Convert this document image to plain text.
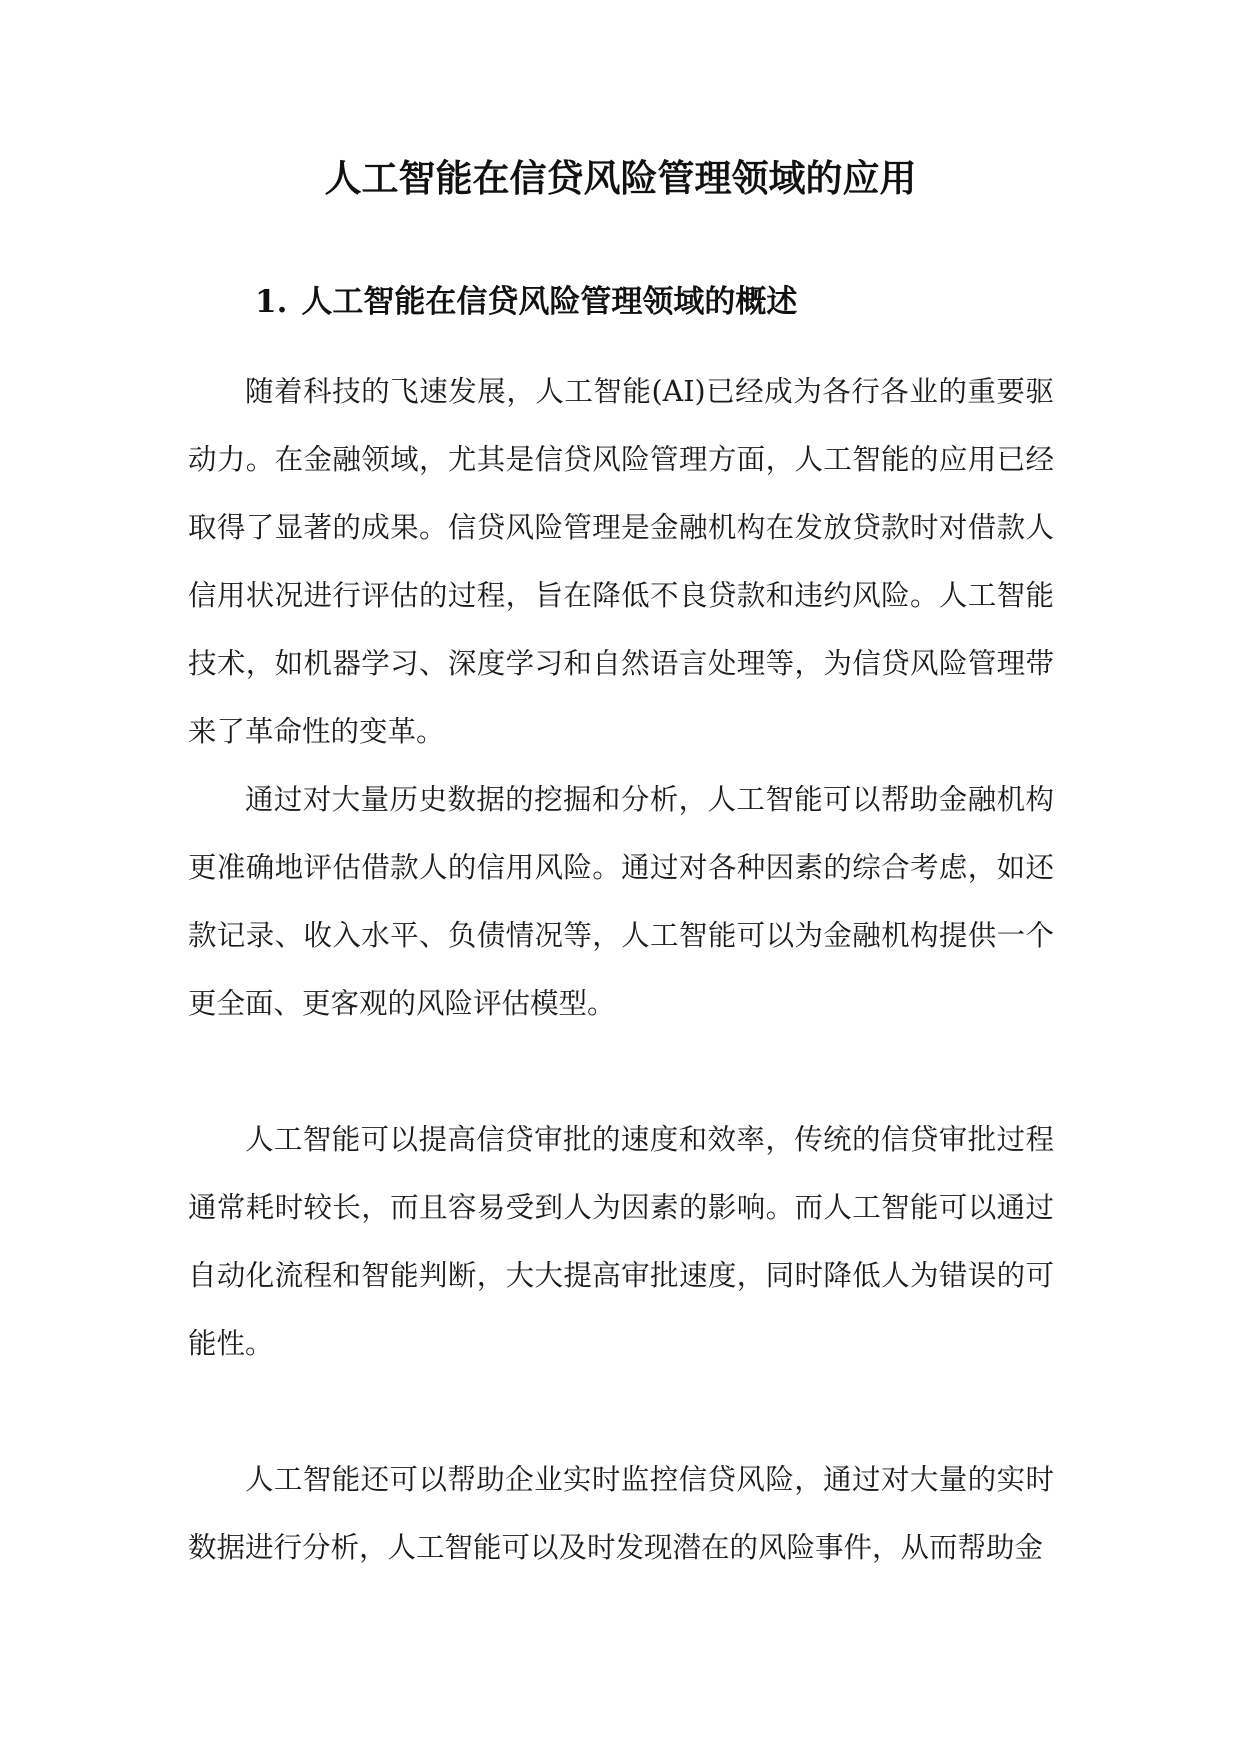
人工智能在信贷风险管理领域的应用
1. 人工智能在信贷风险管理领域的概述

随着科技的飞速发展，人工智能(AI)已经成为各行各业的重要驱动力。在金融领域，尤其是信贷风险管理方面，人工智能的应用已经取得了显著的成果。信贷风险管理是金融机构在发放贷款时对借款人信用状况进行评估的过程，旨在降低不良贷款和违约风险。人工智能技术，如机器学习、深度学习和自然语言处理等，为信贷风险管理带来了革命性的变革。

通过对大量历史数据的挖掘和分析，人工智能可以帮助金融机构更准确地评估借款人的信用风险。通过对各种因素的综合考虑，如还款记录、收入水平、负债情况等，人工智能可以为金融机构提供一个更全面、更客观的风险评估模型。

人工智能可以提高信贷审批的速度和效率，传统的信贷审批过程通常耗时较长，而且容易受到人为因素的影响。而人工智能可以通过自动化流程和智能判断，大大提高审批速度，同时降低人为错误的可能性。

人工智能还可以帮助企业实时监控信贷风险，通过对大量的实时数据进行分析，人工智能可以及时发现潜在的风险事件，从而帮助金
